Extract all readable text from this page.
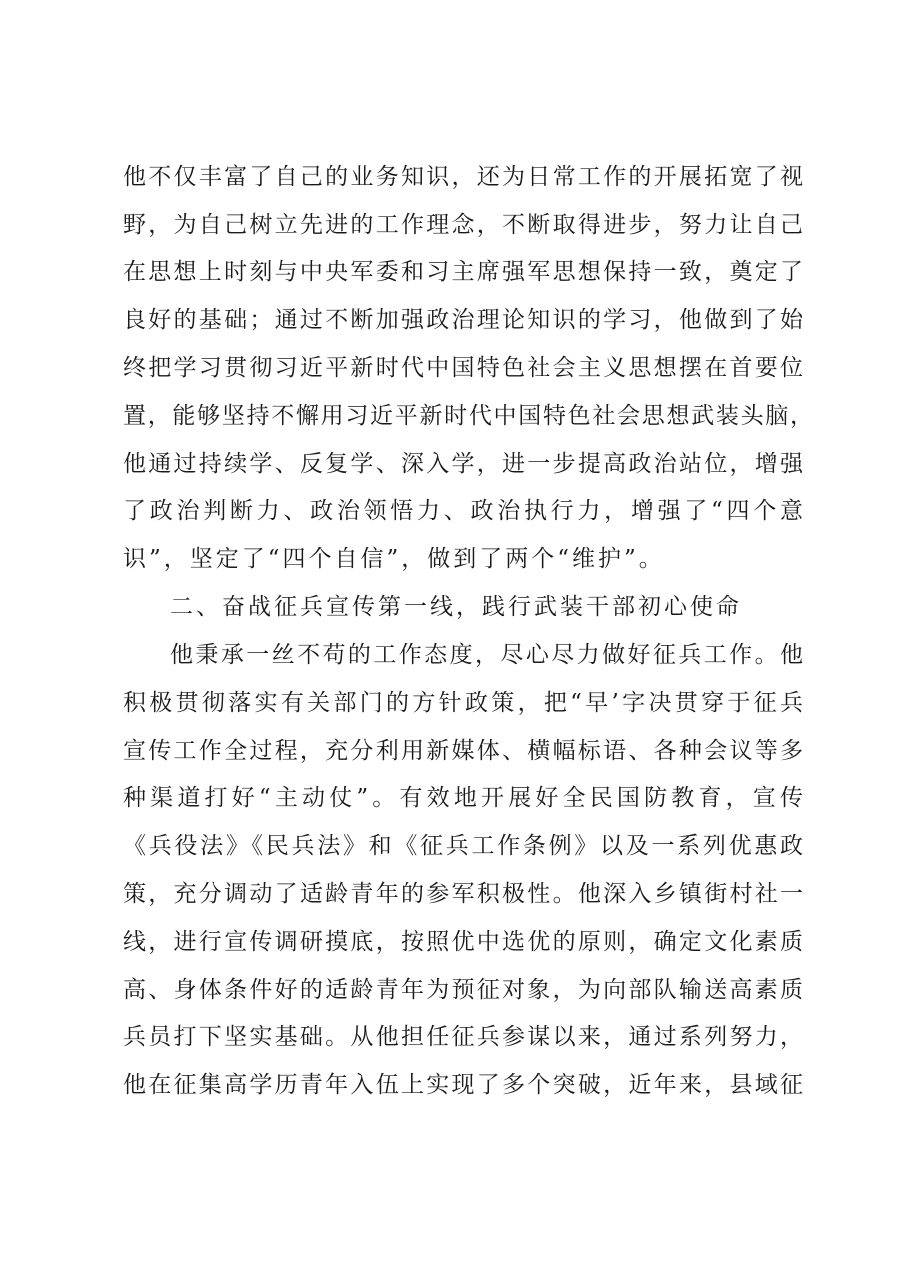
他不仅丰富了自己的业务知识，还为日常工作的开展拓宽了视
野，为自己树立先进的工作理念，不断取得进步，努力让自己
在思想上时刻与中央军委和习主席强军思想保持一致，奠定了
良好的基础；通过不断加强政治理论知识的学习，他做到了始
终把学习贯彻习近平新时代中国特色社会主义思想摆在首要位
置，能够坚持不懈用习近平新时代中国特色社会思想武装头脑，
他通过持续学、反复学、深入学，进一步提高政治站位，增强
了政治判断力、政治领悟力、政治执行力，增强了“四个意
识”，坚定了“四个自信”，做到了两个“维护”。
二、奋战征兵宣传第一线，践行武装干部初心使命
他秉承一丝不苟的工作态度，尽心尽力做好征兵工作。他
积极贯彻落实有关部门的方针政策，把“早’字决贯穿于征兵
宣传工作全过程，充分利用新媒体、横幅标语、各种会议等多
种渠道打好“主动仗”。有效地开展好全民国防教育，宣传
《兵役法》《民兵法》和《征兵工作条例》以及一系列优惠政
策，充分调动了适龄青年的参军积极性。他深入乡镇街村社一
线，进行宣传调研摸底，按照优中选优的原则，确定文化素质
高、身体条件好的适龄青年为预征对象，为向部队输送高素质
兵员打下坚实基础。从他担任征兵参谋以来，通过系列努力，
他在征集高学历青年入伍上实现了多个突破，近年来，县域征
